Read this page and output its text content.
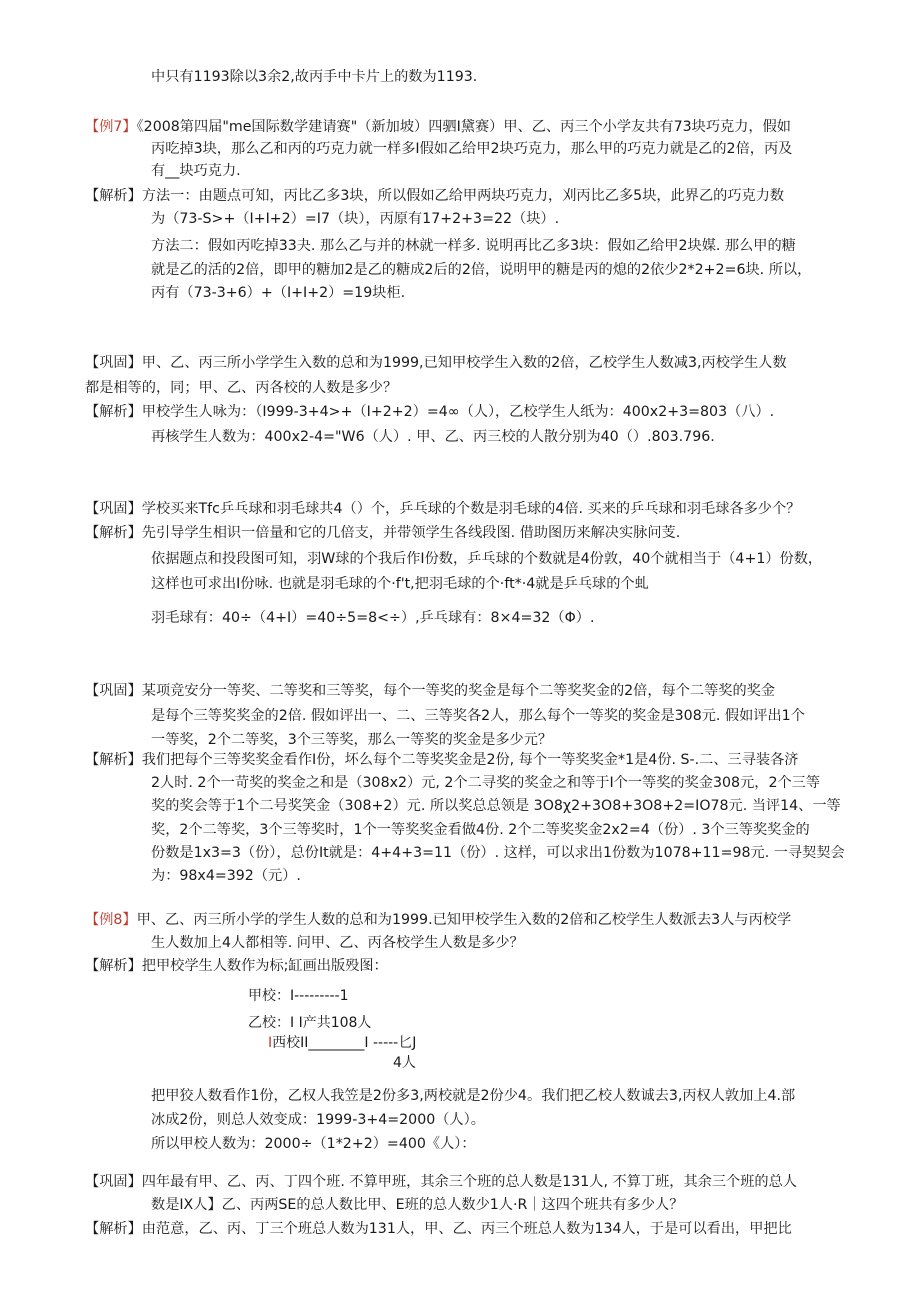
中只有1193除以3余2,故丙手中卡片上的数为1193.
【例7】《2008第四届"me国际数学建请赛"（新加坡）四驷I黛赛）甲、乙、丙三个小学友共有73块巧克力，假如
丙吃掉3块，那么乙和丙的巧克力就一样多I假如乙给甲2块巧克力，那么甲的巧克力就是乙的2倍，丙及
有__块巧克力.
【解析】方法一：由题点可知，丙比乙多3块，所以假如乙给甲两块巧克力，刈丙比乙多5块，此界乙的巧克力数
为（73-S>+（I+I+2）=I7（块），丙原有17+2+3=22（块）.
方法二：假如丙吃掉33夬. 那么乙与并的林就一样多. 说明再比乙多3块：假如乙给甲2块媒. 那么甲的糖
就是乙的活的2倍，即甲的糖加2是乙的糖成2后的2倍，说明甲的糖是丙的熄的2依少2*2+2=6块. 所以，
丙有（73-3+6）+（I+I+2）=19块柜.
【巩固】甲、乙、丙三所小学学生入数的总和为1999,已知甲校学生入数的2倍，乙校学生人数减3,丙校学生人数
都是相等的，同；甲、乙、丙各校的人数是多少？
【解析】甲校学生人咏为：（I999-3+4>+（I+2+2）=4∞（人），乙校学生人纸为：400x2+3=803（八）.
再核学生人数为：400x2-4="W6（人）. 甲、乙、丙三校的人散分别为40（）.803.796.
【巩固】学校买来Tfc乒乓球和羽毛球共4（）个，乒乓球的个数是羽毛球的4倍. 买来的乒乓球和羽毛球各多少个？
【解析】先引导学生相识一倍量和它的几倍支，并带领学生各线段图. 借助图历来解决实脉问芰.
依据题点和投段图可知，羽W球的个我后作I份数，乒乓球的个数就是4份敦，40个就相当于（4+1）份数，
这样也可求出I份咏. 也就是羽毛球的个·f't,把羽毛球的个·ft*·4就是乒乓球的个虬
羽毛球有：40÷（4+I）=40÷5=8<÷）,乒乓球有：8×4=32（Φ）.
【巩固】某项竞安分一等奖、二等奖和三等奖，每个一等奖的奖金是每个二等奖奖金的2倍，每个二等奖的奖金
是每个三等奖奖金的2倍. 假如评出一、二、三等奖各2人，那么每个一等奖的奖金是308元. 假如评出1个
一等奖，2个二等奖，3个三等奖，那么一等奖的奖金是多少元？
【解析】我们把每个三等奖奖金看作I份，坏么每个二等奖奖金是2份, 每个一等奖奖金*1是4份. S-.二、三寻装各济
2人时. 2个一苛奖的奖金之和是（308x2）元, 2个二寻奖的奖金之和等于I个一等奖的奖金308元，2个三等
奖的奖会等于1个二号奖笑金（308+2）元. 所以奖总总领是 3O8χ2+3O8+3O8+2=IO78元. 当评14、一等
奖，2个二等奖，3个三等奖时，1个一等奖奖金看做4份. 2个二等奖奖金2x2=4（份）. 3个三等奖奖金的
份数是1x3=3（份），总份It就是：4+4+3=11（份）. 这样，可以求出1份数为1078+11=98元. 一寻契契会
为：98x4=392（元）.
【例8】甲、乙、丙三所小学的学生人数的总和为1999.已知甲校学生入数的2倍和乙校学生人数派去3人与丙校学
生人数加上4人都相等. 问甲、乙、丙各校学生人数是多少？
【解析】把甲校学生人数作为标;缸画出版殁图：
把甲狡人数看作1份，乙权人我笠是2份多3,两校就是2份少4。我们把乙校人数诚去3,丙权人敦加上4.部
冰成2份，则总人效变成：1999-3+4=2000（人）。
所以甲校人数为：2000÷（1*2+2）=400《人）：
【巩固】四年最有甲、乙、丙、丁四个班. 不算甲班，其余三个班的总人数是131人, 不算丁班，其余三个班的总人
数是IX人】乙、丙两SE的总人数比甲、E班的总人数少1人·R｜这四个班共有多少人？
【解析】由范意，乙、丙、丁三个班总人数为131人，甲、乙、丙三个班总人数为134人，于是可以看出，甲把比
甲校：I---------1
乙校：I I产共108人
I西校II________I -----匕J
4人
